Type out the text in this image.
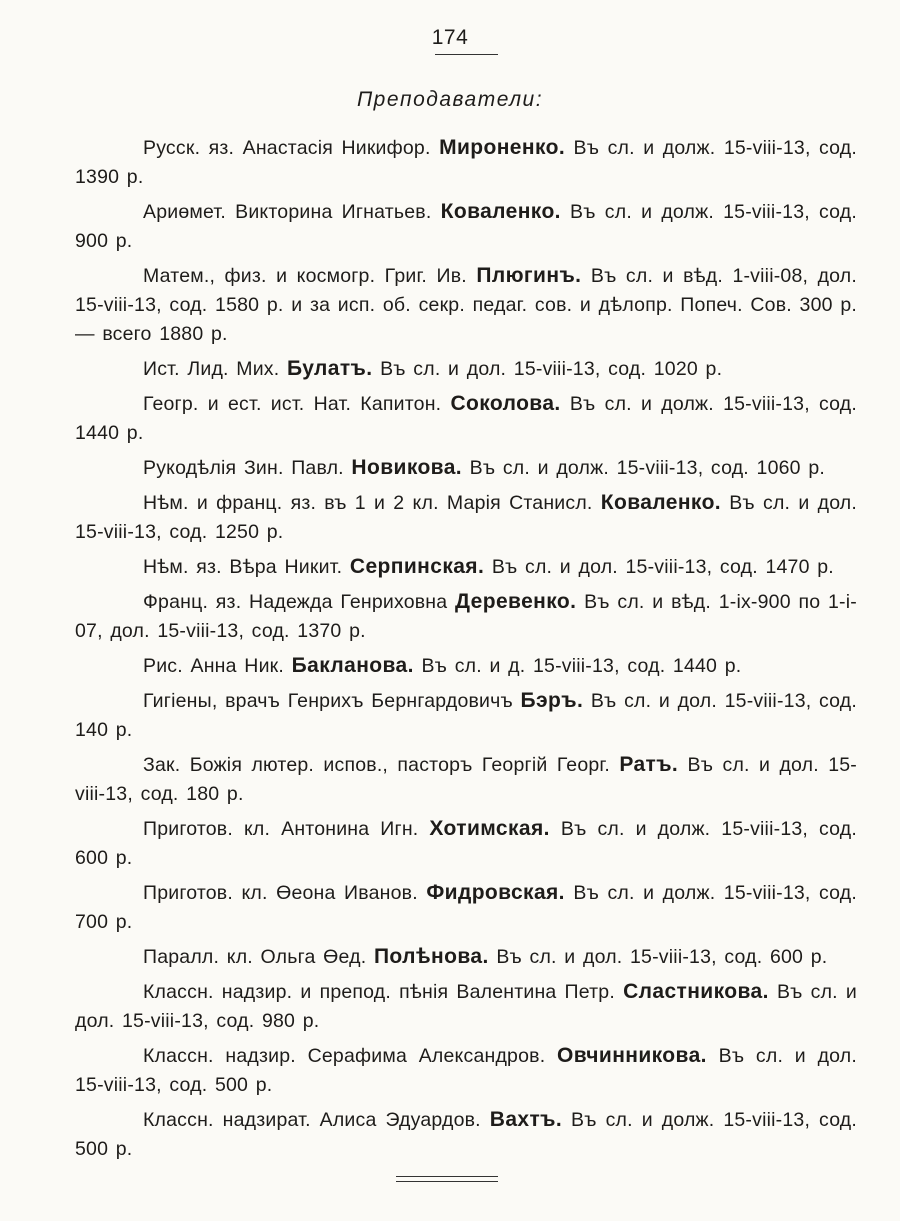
174
Преподаватели:

Русск. яз. Анастасія Никифор. Мироненко. Въ сл. и долж. 15-viii-13, сод. 1390 р.

Ариөмет. Викторина Игнатьев. Коваленко. Въ сл. и долж. 15-viii-13, сод. 900 р.

Матем., физ. и космогр. Григ. Ив. Плюгинъ. Въ сл. и вѣд. 1-viii-08, дол. 15-viii-13, сод. 1580 р. и за исп. об. секр. педаг. сов. и дѣлопр. Попеч. Сов. 300 р. — всего 1880 р.

Ист. Лид. Мих. Булатъ. Въ сл. и дол. 15-viii-13, сод. 1020 р.

Геогр. и ест. ист. Нат. Капитон. Соколова. Въ сл. и долж. 15-viii-13, сод. 1440 р.

Рукодѣлія Зин. Павл. Новикова. Въ сл. и долж. 15-viii-13, сод. 1060 р.

Нѣм. и франц. яз. въ 1 и 2 кл. Марія Станисл. Коваленко. Въ сл. и дол. 15-viii-13, сод. 1250 р.

Нѣм. яз. Вѣра Никит. Серпинская. Въ сл. и дол. 15-viii-13, сод. 1470 р.

Франц. яз. Надежда Генриховна Деревенко. Въ сл. и вѣд. 1-ix-900 по 1-i-07, дол. 15-viii-13, сод. 1370 р.

Рис. Анна Ник. Бакланова. Въ сл. и д. 15-viii-13, сод. 1440 р.

Гигіены, врачъ Генрихъ Бернгардовичъ Бэръ. Въ сл. и дол. 15-viii-13, сод. 140 р.

Зак. Божія лютер. испов., пасторъ Георгій Георг. Ратъ. Въ сл. и дол. 15-viii-13, сод. 180 р.

Приготов. кл. Антонина Игн. Хотимская. Въ сл. и долж. 15-viii-13, сод. 600 р.

Приготов. кл. Өеона Иванов. Фидровская. Въ сл. и долж. 15-viii-13, сод. 700 р.

Паралл. кл. Ольга Өед. Полѣнова. Въ сл. и дол. 15-viii-13, сод. 600 р.

Классн. надзир. и препод. пѣнія Валентина Петр. Сластникова. Въ сл. и дол. 15-viii-13, сод. 980 р.

Классн. надзир. Серафима Александров. Овчинникова. Въ сл. и дол. 15-viii-13, сод. 500 р.

Классн. надзират. Алиса Эдуардов. Вахтъ. Въ сл. и долж. 15-viii-13, сод. 500 р.
